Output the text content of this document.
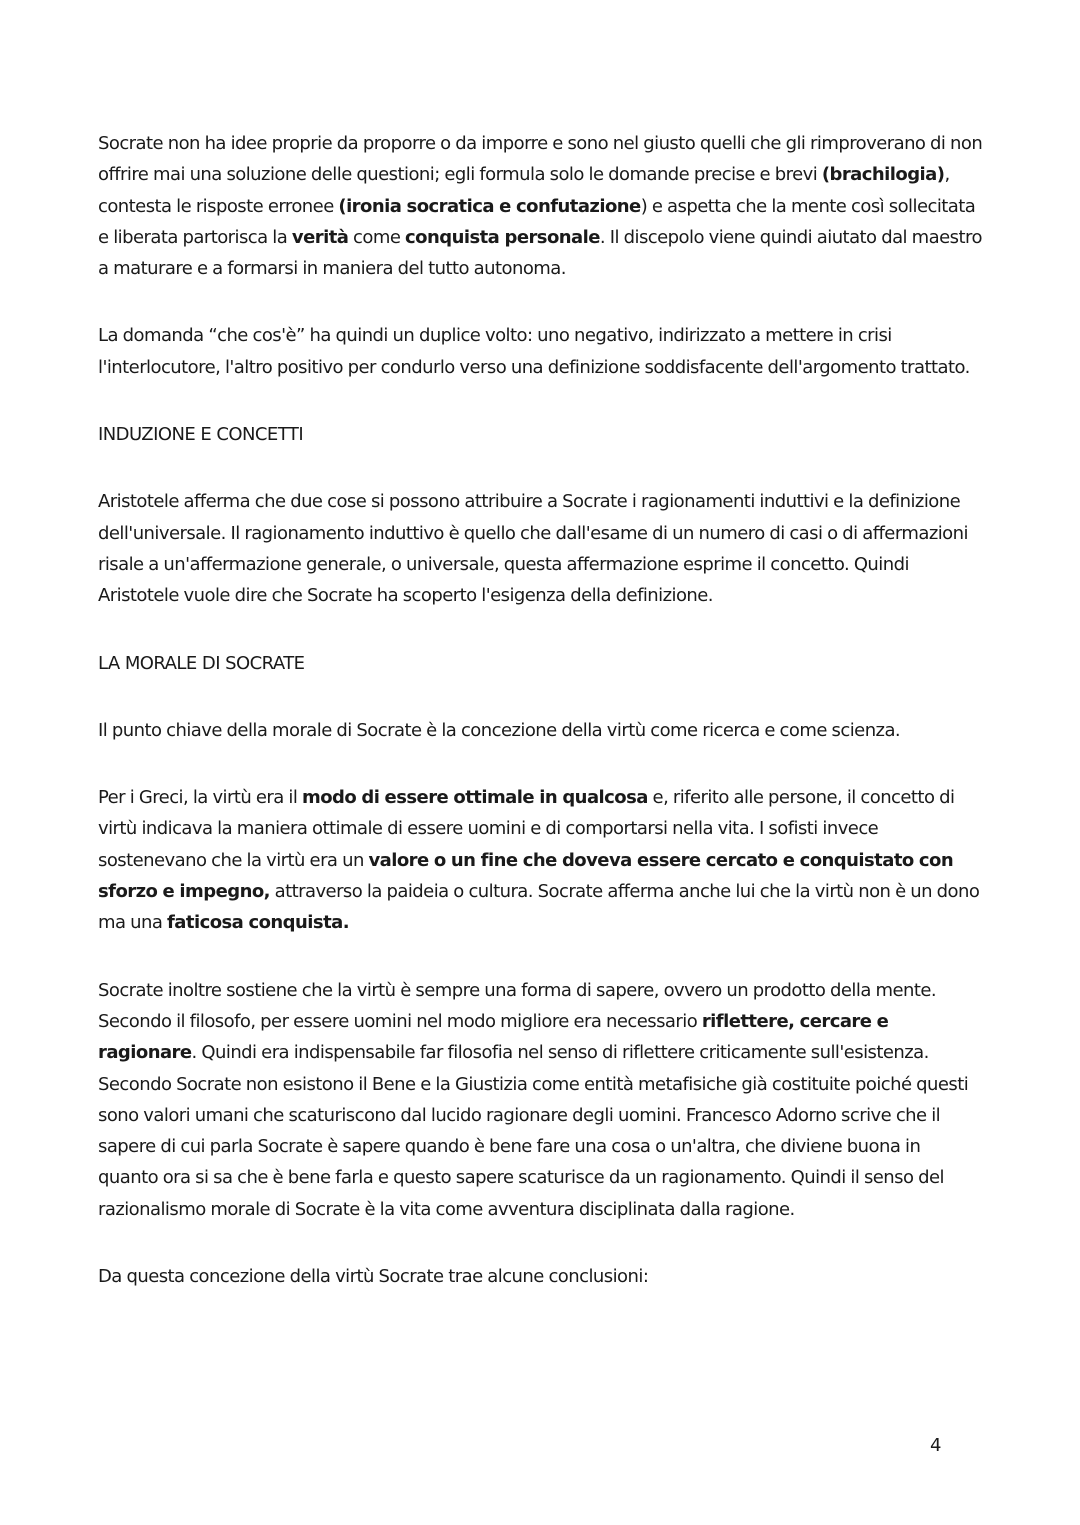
Socrate non ha idee proprie da proporre o da imporre e sono nel giusto quelli che gli rimproverano di non offrire mai una soluzione delle questioni; egli formula solo le domande precise e brevi (brachilogia), contesta le risposte erronee (ironia socratica e confutazione) e aspetta che la mente così sollecitata e liberata partorisca la verità come conquista personale. Il discepolo viene quindi aiutato dal maestro a maturare e a formarsi in maniera del tutto autonoma.

La domanda “che cos'è” ha quindi un duplice volto: uno negativo, indirizzato a mettere in crisi l'interlocutore, l'altro positivo per condurlo verso una definizione soddisfacente dell'argomento trattato.

INDUZIONE E CONCETTI

Aristotele afferma che due cose si possono attribuire a Socrate i ragionamenti induttivi e la definizione dell'universale. Il ragionamento induttivo è quello che dall'esame di un numero di casi o di affermazioni risale a un'affermazione generale, o universale, questa affermazione esprime il concetto. Quindi Aristotele vuole dire che Socrate ha scoperto l'esigenza della definizione.

LA MORALE DI SOCRATE

Il punto chiave della morale di Socrate è la concezione della virtù come ricerca e come scienza.

Per i Greci, la virtù era il modo di essere ottimale in qualcosa e, riferito alle persone, il concetto di virtù indicava la maniera ottimale di essere uomini e di comportarsi nella vita. I sofisti invece sostenevano che la virtù era un valore o un fine che doveva essere cercato e conquistato con sforzo e impegno, attraverso la paideia o cultura. Socrate afferma anche lui che la virtù non è un dono ma una faticosa conquista.

Socrate inoltre sostiene che la virtù è sempre una forma di sapere, ovvero un prodotto della mente. Secondo il filosofo, per essere uomini nel modo migliore era necessario riflettere, cercare e ragionare. Quindi era indispensabile far filosofia nel senso di riflettere criticamente sull'esistenza. Secondo Socrate non esistono il Bene e la Giustizia come entità metafisiche già costituite poiché questi sono valori umani che scaturiscono dal lucido ragionare degli uomini. Francesco Adorno scrive che il sapere di cui parla Socrate è sapere quando è bene fare una cosa o un'altra, che diviene buona in quanto ora si sa che è bene farla e questo sapere scaturisce da un ragionamento. Quindi il senso del razionalismo morale di Socrate è la vita come avventura disciplinata dalla ragione.

Da questa concezione della virtù Socrate trae alcune conclusioni:

4
